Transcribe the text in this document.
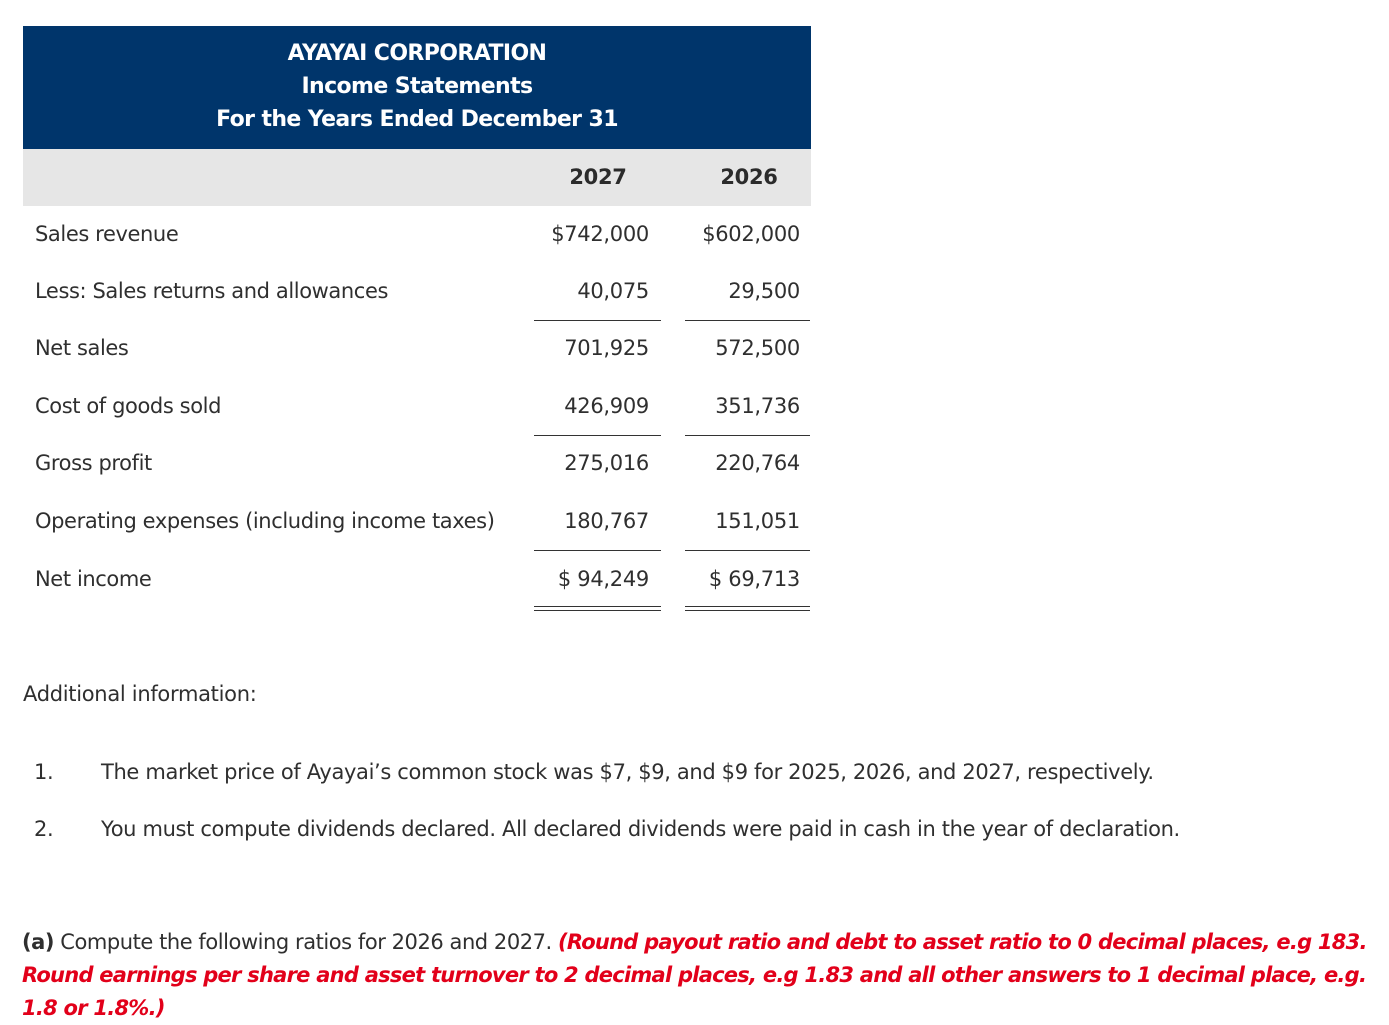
AYAYAI CORPORATION
Income Statements
For the Years Ended December 31
2027	2026
Sales revenue	$742,000	$602,000
Less: Sales returns and allowances	40,075	29,500
Net sales	701,925	572,500
Cost of goods sold	426,909	351,736
Gross profit	275,016	220,764
Operating expenses (including income taxes)	180,767	151,051
Net income	$ 94,249	$ 69,713
Additional information:
1. The market price of Ayayai’s common stock was $7, $9, and $9 for 2025, 2026, and 2027, respectively.
2. You must compute dividends declared. All declared dividends were paid in cash in the year of declaration.
(a) Compute the following ratios for 2026 and 2027. (Round payout ratio and debt to asset ratio to 0 decimal places, e.g 183. Round earnings per share and asset turnover to 2 decimal places, e.g 1.83 and all other answers to 1 decimal place, e.g. 1.8 or 1.8%.)
